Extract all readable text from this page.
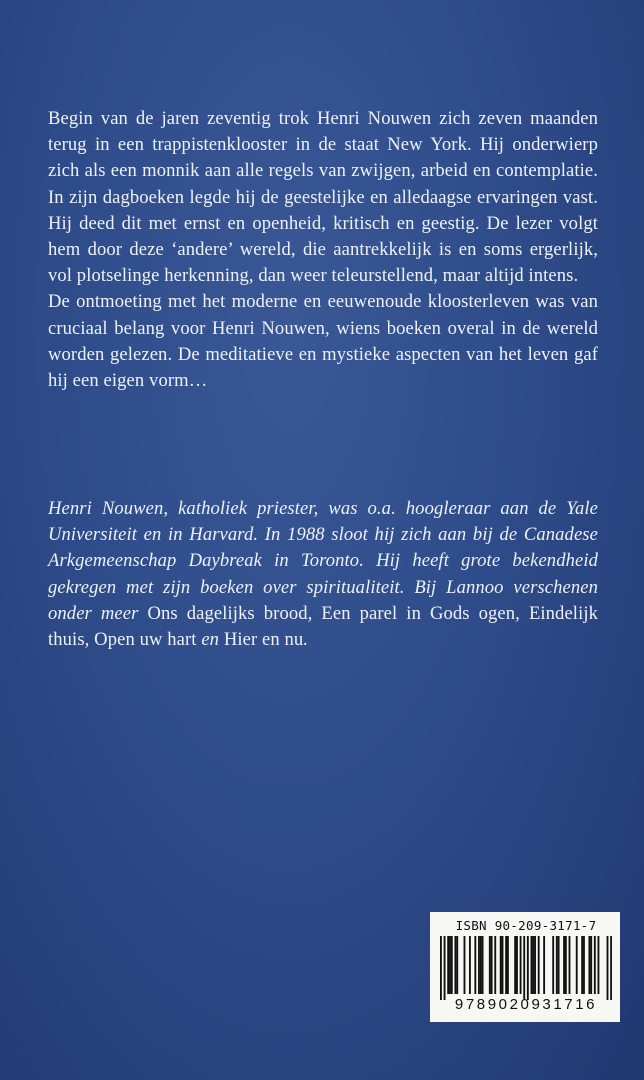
Begin van de jaren zeventig trok Henri Nouwen zich zeven maanden terug in een trappistenklooster in de staat New York. Hij onderwierp zich als een monnik aan alle regels van zwijgen, arbeid en contemplatie. In zijn dagboeken legde hij de geestelijke en alledaagse ervaringen vast. Hij deed dit met ernst en openheid, kritisch en geestig. De lezer volgt hem door deze ‘andere’ wereld, die aantrekkelijk is en soms ergerlijk, vol plotselinge herkenning, dan weer teleurstellend, maar altijd intens.

De ontmoeting met het moderne en eeuwenoude kloosterleven was van cruciaal belang voor Henri Nouwen, wiens boeken overal in de wereld worden gelezen. De meditatieve en mystieke aspecten van het leven gaf hij een eigen vorm…

Henri Nouwen, katholiek priester, was o.a. hoogleraar aan de Yale Universiteit en in Harvard. In 1988 sloot hij zich aan bij de Canadese Arkgemeenschap Daybreak in Toronto. Hij heeft grote bekendheid gekregen met zijn boeken over spiritualiteit. Bij Lannoo verschenen onder meer Ons dagelijks brood, Een parel in Gods ogen, Eindelijk thuis, Open uw hart en Hier en nu.

ISBN 90-209-3171-7
9789020931716
